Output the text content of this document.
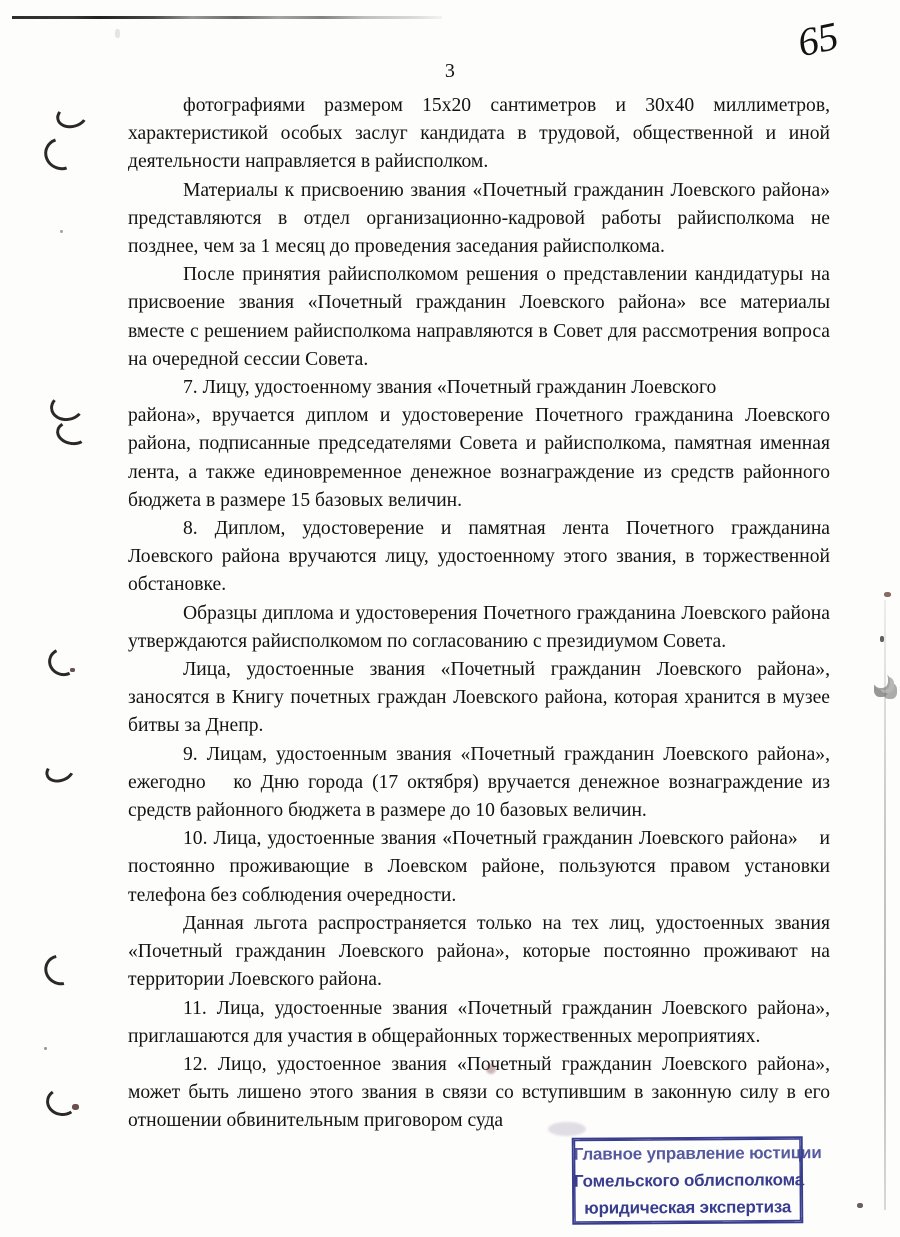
65
3

фотографиями размером 15x20 сантиметров и 30x40 миллиметров, характеристикой особых заслуг кандидата в трудовой, общественной и иной деятельности направляется в райисполком.

Материалы к присвоению звания «Почетный гражданин Лоевского района» представляются в отдел организационно-кадровой работы райисполкома не позднее, чем за 1 месяц до проведения заседания райисполкома.

После принятия райисполкомом решения о представлении кандидатуры на присвоение звания «Почетный гражданин Лоевского района» все материалы вместе с решением райисполкома направляются в Совет для рассмотрения вопроса на очередной сессии Совета.

7. Лицу, удостоенному звания «Почетный гражданин Лоевского
района», вручается диплом и удостоверение Почетного гражданина Лоевского района, подписанные председателями Совета и райисполкома, памятная именная лента, а также единовременное денежное вознаграждение из средств районного бюджета в размере 15 базовых величин.

8. Диплом, удостоверение и памятная лента Почетного гражданина Лоевского района вручаются лицу, удостоенному этого звания, в торжественной обстановке.

Образцы диплома и удостоверения Почетного гражданина Лоевского района утверждаются райисполкомом по согласованию с президиумом Совета.

Лица, удостоенные звания «Почетный гражданин Лоевского района», заносятся в Книгу почетных граждан Лоевского района, которая хранится в музее битвы за Днепр.

9. Лицам, удостоенным звания «Почетный гражданин Лоевского района», ежегодно   ко Дню города (17 октября) вручается денежное вознаграждение из средств районного бюджета в размере до 10 базовых величин.

10. Лица, удостоенные звания «Почетный гражданин Лоевского района»   и постоянно проживающие в Лоевском районе, пользуются правом установки телефона без соблюдения очередности.

Данная льгота распространяется только на тех лиц, удостоенных звания «Почетный гражданин Лоевского района», которые постоянно проживают на территории Лоевского района.

11. Лица, удостоенные звания «Почетный гражданин Лоевского района», приглашаются для участия в общерайонных торжественных мероприятиях.

12. Лицо, удостоенное звания «Почетный гражданин Лоевского района», может быть лишено этого звания в связи со вступившим в законную силу в его отношении обвинительным приговором суда

Главное управление юстиции
Гомельского облисполкома
юридическая экспертиза
